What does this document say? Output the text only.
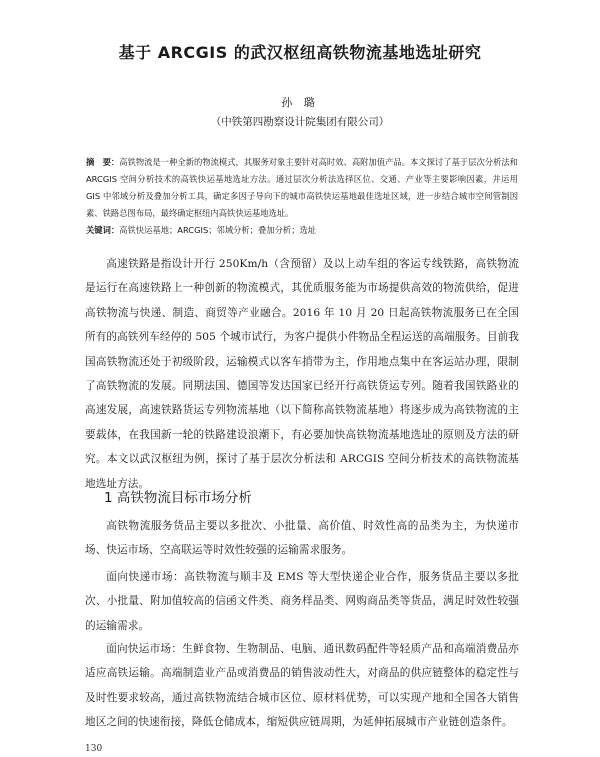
基于 ARCGIS 的武汉枢纽高铁物流基地选址研究
孙 璐
（中铁第四勘察设计院集团有限公司）
摘　要：高铁物流是一种全新的物流模式，其服务对象主要针对高时效、高附加值产品。本文探讨了基于层次分析法和 ARCGIS 空间分析技术的高铁快运基地选址方法。通过层次分析法选择区位、交通、产业等主要影响因素，并运用 GIS 中邻域分析及叠加分析工具，确定多因子导向下的城市高铁快运基地最佳选址区域，进一步结合城市空间管制因素、铁路总图布局，最终确定枢纽内高铁快运基地选址。
关键词：高铁快运基地；ARCGIS；邻域分析；叠加分析；选址

高速铁路是指设计开行 250Km/h（含预留）及以上动车组的客运专线铁路，高铁物流是运行在高速铁路上一种创新的物流模式，其优质服务能为市场提供高效的物流供给，促进高铁物流与快递、制造、商贸等产业融合。2016 年 10 月 20 日起高铁物流服务已在全国所有的高铁列车经停的 505 个城市试行，为客户提供小件物品全程运送的高端服务。目前我国高铁物流还处于初级阶段，运输模式以客车捎带为主，作用地点集中在客运站办理，限制了高铁物流的发展。同期法国、德国等发达国家已经开行高铁货运专列。随着我国铁路业的高速发展，高速铁路货运专列物流基地（以下简称高铁物流基地）将逐步成为高铁物流的主要载体，在我国新一轮的铁路建设浪潮下，有必要加快高铁物流基地选址的原则及方法的研究。本文以武汉枢纽为例，探讨了基于层次分析法和 ARCGIS 空间分析技术的高铁物流基地选址方法。

1 高铁物流目标市场分析

高铁物流服务货品主要以多批次、小批量、高价值、时效性高的品类为主，为快递市场、快运市场、空高联运等时效性较强的运输需求服务。

面向快递市场：高铁物流与顺丰及 EMS 等大型快递企业合作，服务货品主要以多批次、小批量、附加值较高的信函文件类、商务样品类、网购商品类等货品，满足时效性较强的运输需求。

面向快运市场：生鲜食物、生物制品、电脑、通讯数码配件等轻质产品和高端消费品亦适应高铁运输。高端制造业产品或消费品的销售波动性大，对商品的供应链整体的稳定性与及时性要求较高，通过高铁物流结合城市区位、原材料优势，可以实现产地和全国各大销售地区之间的快速衔接，降低仓储成本，缩短供应链周期，为延伸拓展城市产业链创造条件。

130
